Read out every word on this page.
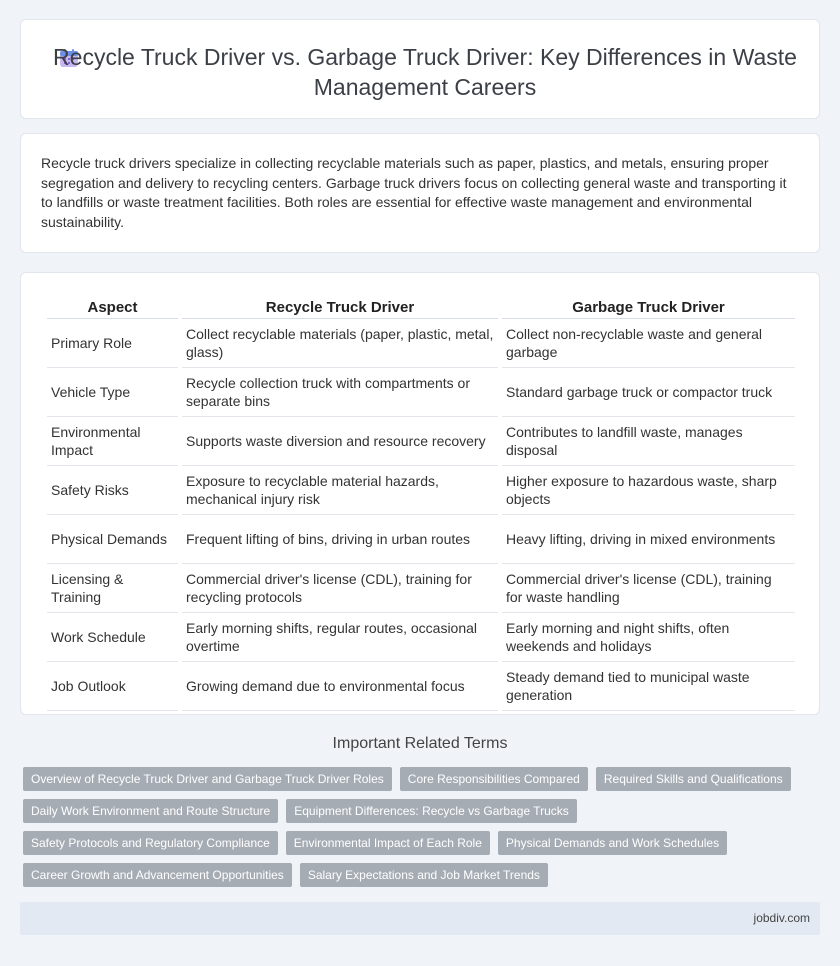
Recycle Truck Driver vs. Garbage Truck Driver: Key Differences in Waste Management Careers

Recycle truck drivers specialize in collecting recyclable materials such as paper, plastics, and metals, ensuring proper segregation and delivery to recycling centers. Garbage truck drivers focus on collecting general waste and transporting it to landfills or waste treatment facilities. Both roles are essential for effective waste management and environmental sustainability.

Aspect	Recycle Truck Driver	Garbage Truck Driver
Primary Role	Collect recyclable materials (paper, plastic, metal, glass)	Collect non-recyclable waste and general garbage
Vehicle Type	Recycle collection truck with compartments or separate bins	Standard garbage truck or compactor truck
Environmental Impact	Supports waste diversion and resource recovery	Contributes to landfill waste, manages disposal
Safety Risks	Exposure to recyclable material hazards, mechanical injury risk	Higher exposure to hazardous waste, sharp objects
Physical Demands	Frequent lifting of bins, driving in urban routes	Heavy lifting, driving in mixed environments
Licensing & Training	Commercial driver's license (CDL), training for recycling protocols	Commercial driver's license (CDL), training for waste handling
Work Schedule	Early morning shifts, regular routes, occasional overtime	Early morning and night shifts, often weekends and holidays
Job Outlook	Growing demand due to environmental focus	Steady demand tied to municipal waste generation
Important Related Terms
Overview of Recycle Truck Driver and Garbage Truck Driver Roles	Core Responsibilities Compared	Required Skills and Qualifications
Daily Work Environment and Route Structure	Equipment Differences: Recycle vs Garbage Trucks
Safety Protocols and Regulatory Compliance	Environmental Impact of Each Role	Physical Demands and Work Schedules
Career Growth and Advancement Opportunities	Salary Expectations and Job Market Trends
jobdiv.com
